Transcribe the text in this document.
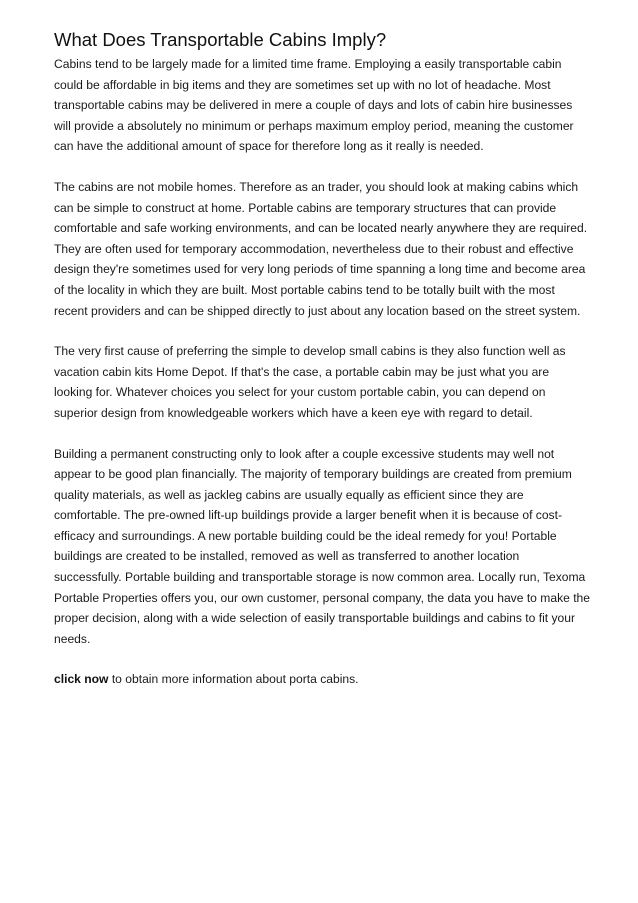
What Does Transportable Cabins Imply?

Cabins tend to be largely made for a limited time frame. Employing a easily transportable cabin could be affordable in big items and they are sometimes set up with no lot of headache. Most transportable cabins may be delivered in mere a couple of days and lots of cabin hire businesses will provide a absolutely no minimum or perhaps maximum employ period, meaning the customer can have the additional amount of space for therefore long as it really is needed.

The cabins are not mobile homes. Therefore as an trader, you should look at making cabins which can be simple to construct at home. Portable cabins are temporary structures that can provide comfortable and safe working environments, and can be located nearly anywhere they are required. They are often used for temporary accommodation, nevertheless due to their robust and effective design they're sometimes used for very long periods of time spanning a long time and become area of the locality in which they are built. Most portable cabins tend to be totally built with the most recent providers and can be shipped directly to just about any location based on the street system.

The very first cause of preferring the simple to develop small cabins is they also function well as vacation cabin kits Home Depot. If that's the case, a portable cabin may be just what you are looking for. Whatever choices you select for your custom portable cabin, you can depend on superior design from knowledgeable workers which have a keen eye with regard to detail.

Building a permanent constructing only to look after a couple excessive students may well not appear to be good plan financially. The majority of temporary buildings are created from premium quality materials, as well as jackleg cabins are usually equally as efficient since they are comfortable. The pre-owned lift-up buildings provide a larger benefit when it is because of cost-efficacy and surroundings. A new portable building could be the ideal remedy for you! Portable buildings are created to be installed, removed as well as transferred to another location successfully. Portable building and transportable storage is now common area. Locally run, Texoma Portable Properties offers you, our own customer, personal company, the data you have to make the proper decision, along with a wide selection of easily transportable buildings and cabins to fit your needs.

click now to obtain more information about porta cabins.
